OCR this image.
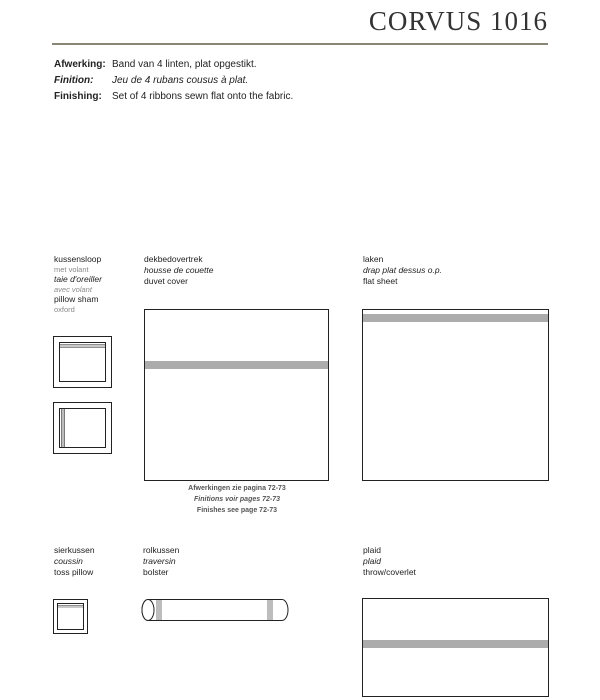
CORVUS 1016
Afwerking: Band van 4 linten, plat opgestikt.
Finition: Jeu de 4 rubans cousus à plat.
Finishing: Set of 4 ribbons sewn flat onto the fabric.
kussensloop
met volant
taie d'oreiller
avec volant
pillow sham
oxford
dekbedovertrek
housse de couette
duvet cover
Afwerkingen zie pagina 72-73
Finitions voir pages 72-73
Finishes see page 72-73
laken
drap plat dessus o.p.
flat sheet
sierkussen
coussin
toss pillow
rolkussen
traversin
bolster
plaid
plaid
throw/coverlet
